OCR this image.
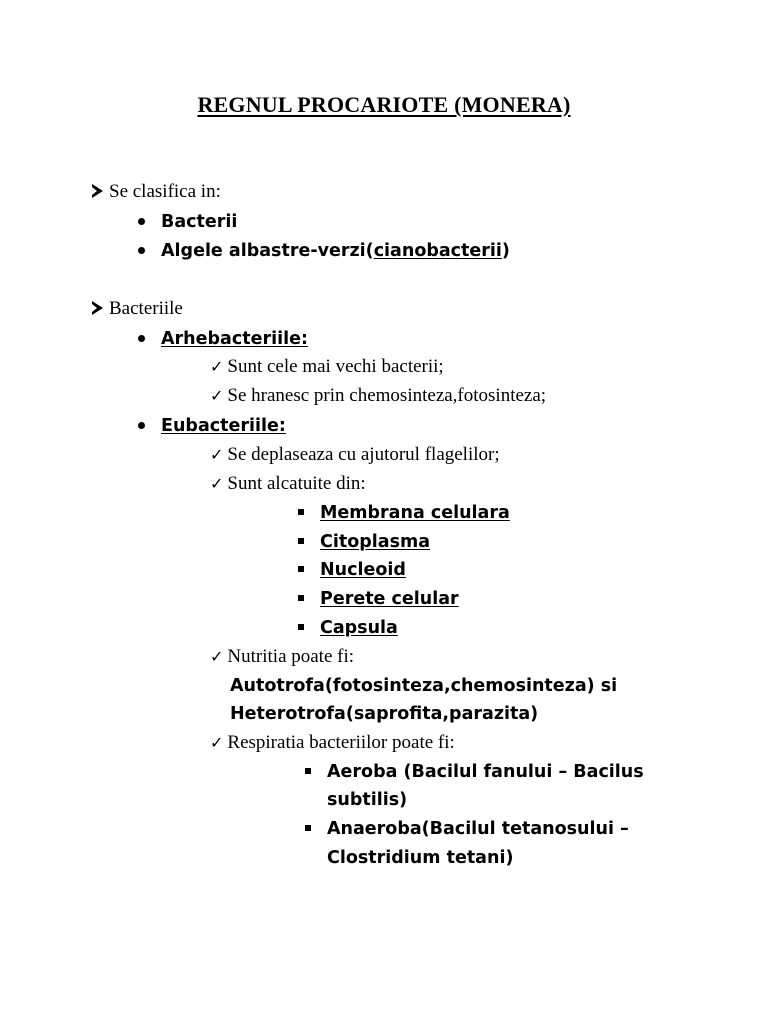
REGNUL PROCARIOTE (MONERA)
Se clasifica in:
Bacterii
Algele albastre-verzi(cianobacterii)
Bacteriile
Arhebacteriile:
✓ Sunt cele mai vechi bacterii;
✓ Se hranesc prin chemosinteza,fotosinteza;
Eubacteriile:
✓ Se deplaseaza cu ajutorul flagelilor;
✓ Sunt alcatuite din:
Membrana celulara
Citoplasma
Nucleoid
Perete celular
Capsula
✓ Nutritia poate fi:
Autotrofa(fotosinteza,chemosinteza) si
Heterotrofa(saprofita,parazita)
✓ Respiratia bacteriilor poate fi:
Aeroba (Bacilul fanului – Bacilus
subtilis)
Anaeroba(Bacilul tetanosului –
Clostridium tetani)
